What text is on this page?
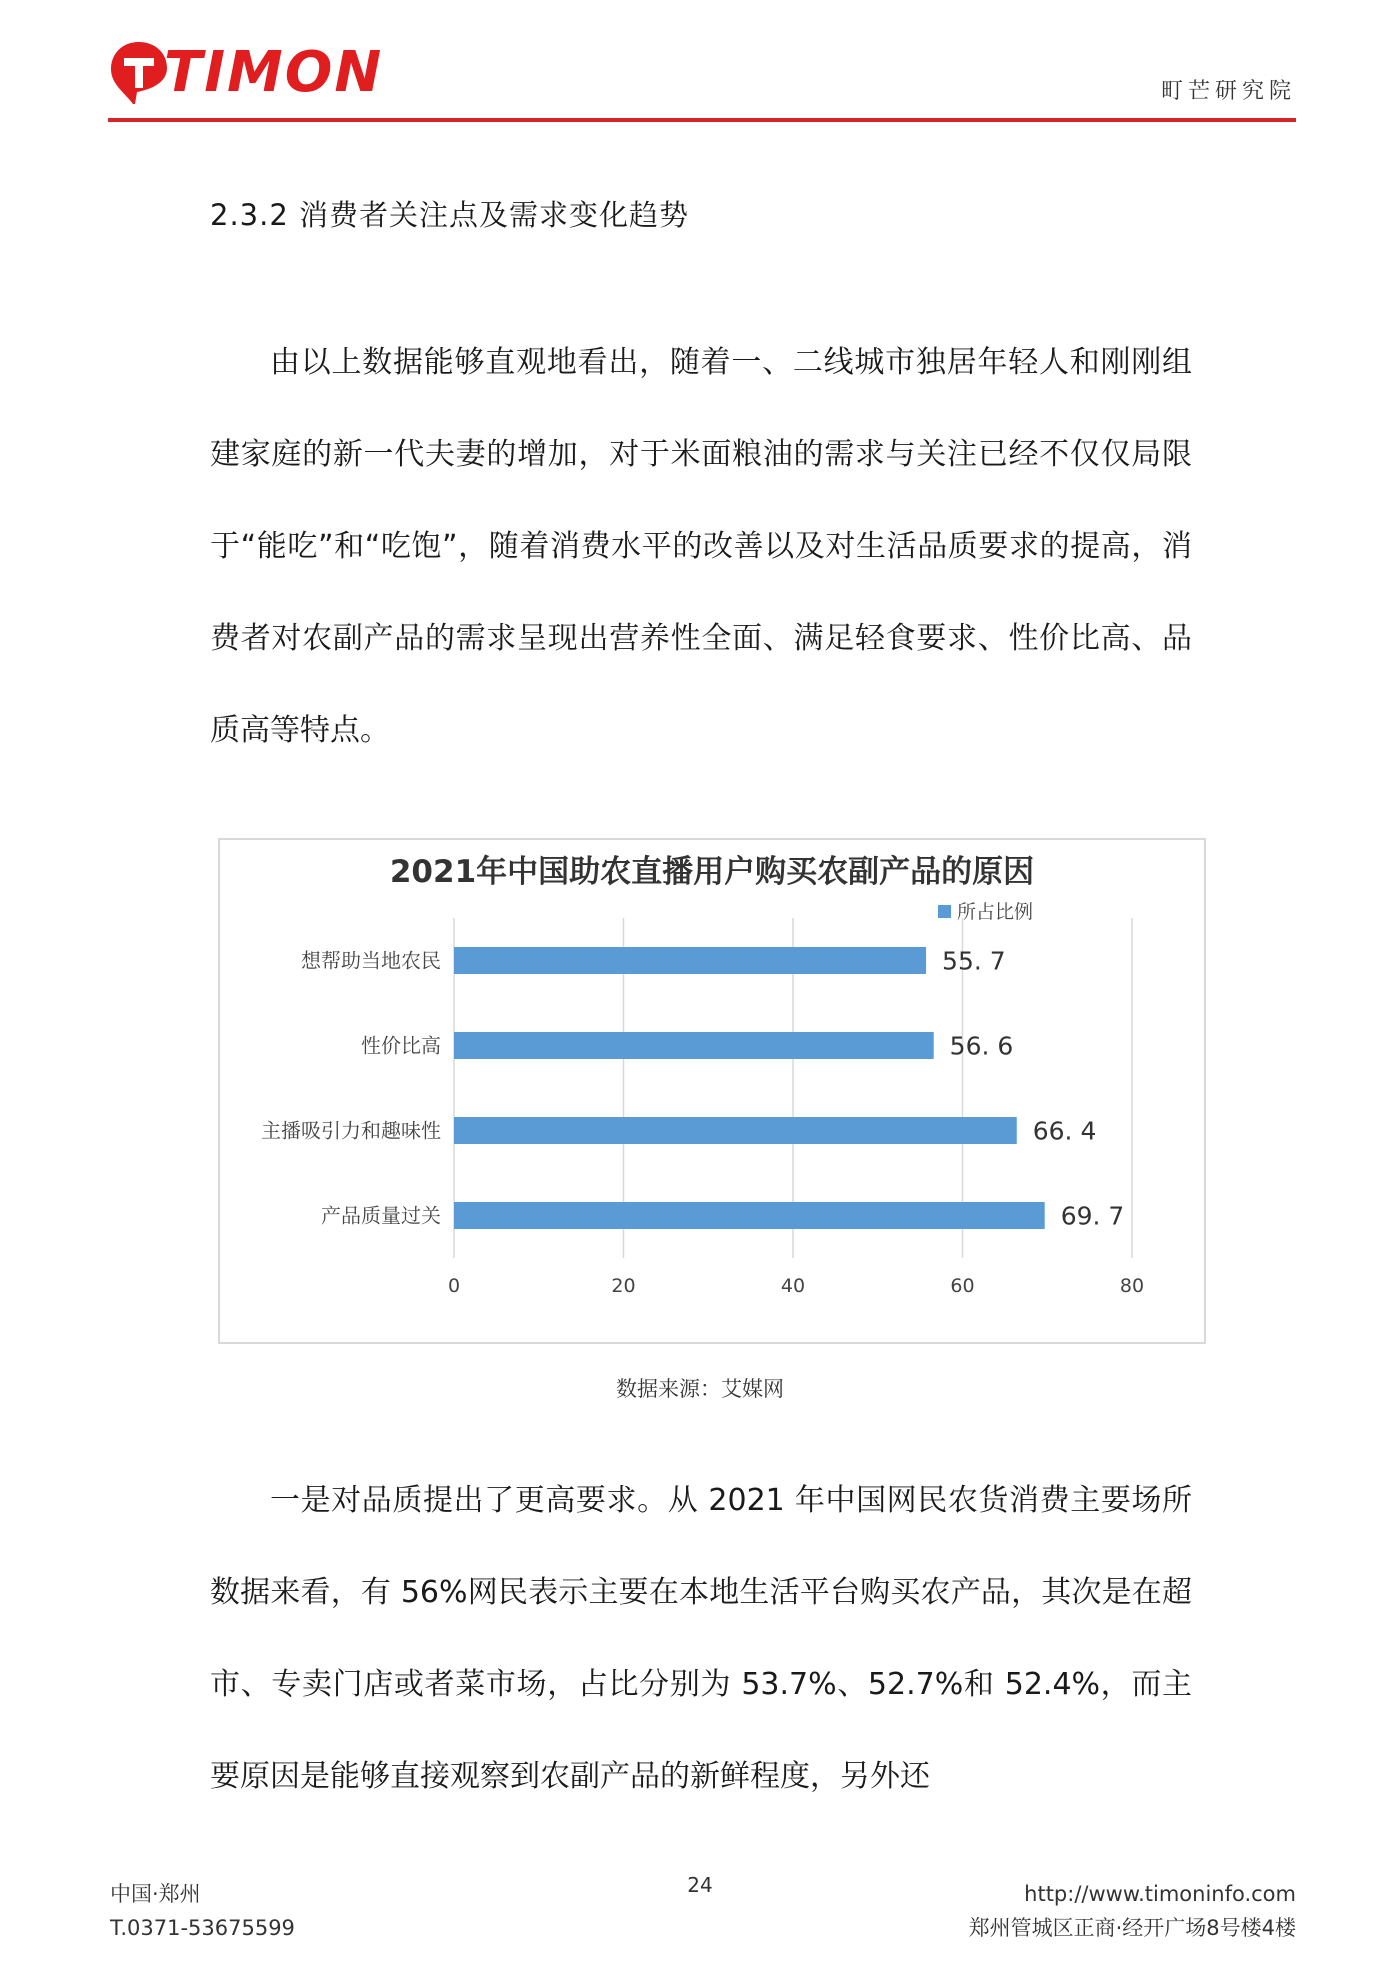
TIMON	町芒研究院
2.3.2 消费者关注点及需求变化趋势

由以上数据能够直观地看出，随着一、二线城市独居年轻人和刚刚组建家庭的新一代夫妻的增加，对于米面粮油的需求与关注已经不仅仅局限于“能吃”和“吃饱”，随着消费水平的改善以及对生活品质要求的提高，消费者对农副产品的需求呈现出营养性全面、满足轻食要求、性价比高、品质高等特点。

2021年中国助农直播用户购买农副产品的原因
所占比例
0	20	40	60	80
想帮助当地农民	55. 7
性价比高	56. 6
主播吸引力和趣味性	66. 4
产品质量过关	69. 7
数据来源：艾媒网

一是对品质提出了更高要求。从 2021 年中国网民农货消费主要场所数据来看，有 56%网民表示主要在本地生活平台购买农产品，其次是在超市、专卖门店或者菜市场，占比分别为 53.7%、52.7%和 52.4%，而主要原因是能够直接观察到农副产品的新鲜程度，另外还

中国·郑州
T.0371-53675599
24	http://www.timoninfo.com
郑州管城区正商·经开广场8号楼4楼
